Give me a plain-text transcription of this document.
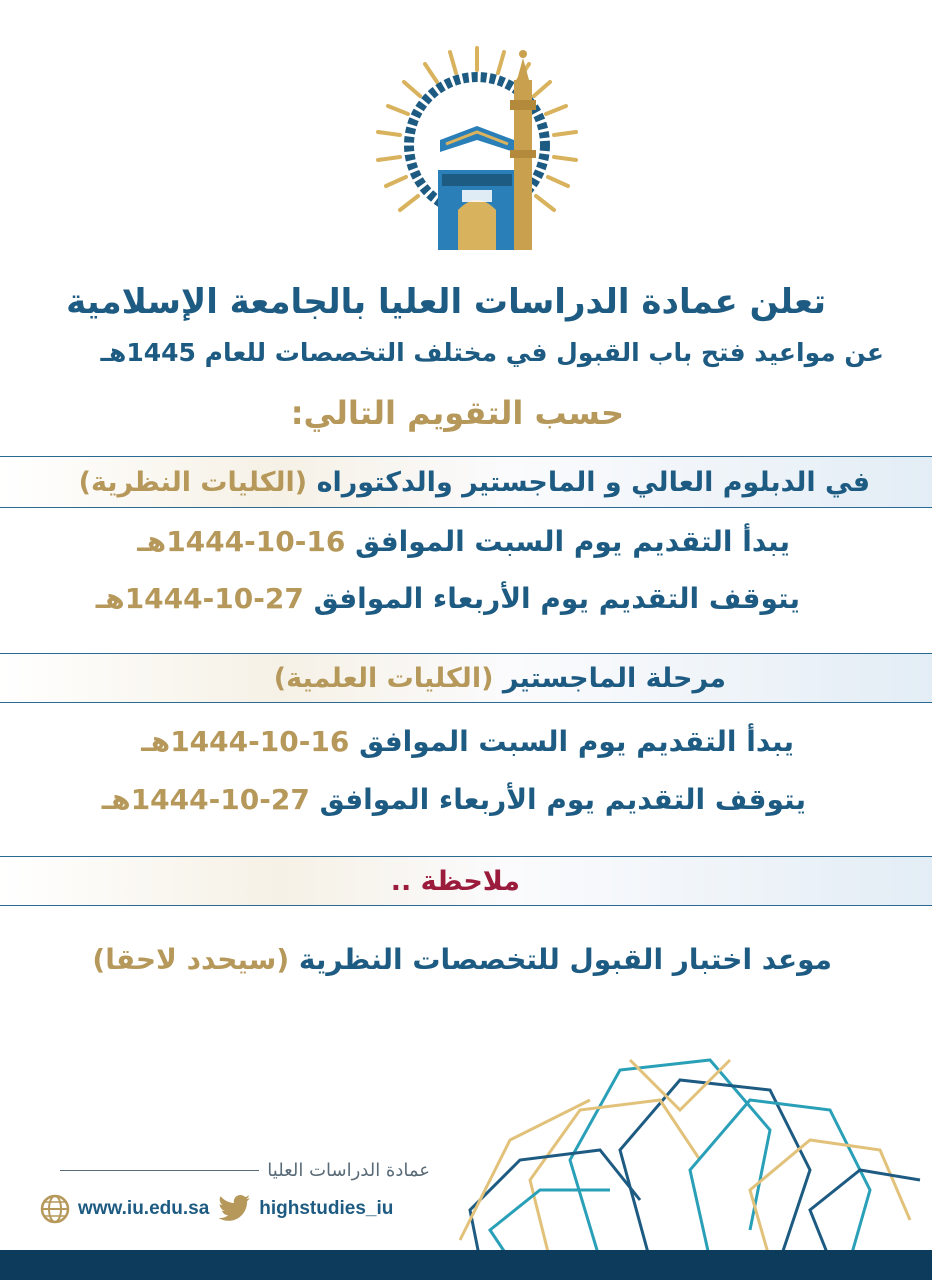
تعلن عمادة الدراسات العليا بالجامعة الإسلامية
عن مواعيد فتح باب القبول في مختلف التخصصات للعام 1445هـ
حسب التقويم التالي:
في الدبلوم العالي و الماجستير والدكتوراه

(الكليات النظرية)
يبدأ التقديم يوم السبت الموافق 16-10-1444هـ
يتوقف التقديم يوم الأربعاء الموافق 27-10-1444هـ
مرحلة الماجستير

(الكليات العلمية)
يبدأ التقديم يوم السبت الموافق 16-10-1444هـ
يتوقف التقديم يوم الأربعاء الموافق 27-10-1444هـ
ملاحظة ..
موعد اختبار القبول للتخصصات النظرية (سيحدد لاحقا)
عمادة الدراسات العليا
www.iu.edu.sa	highstudies_iu
